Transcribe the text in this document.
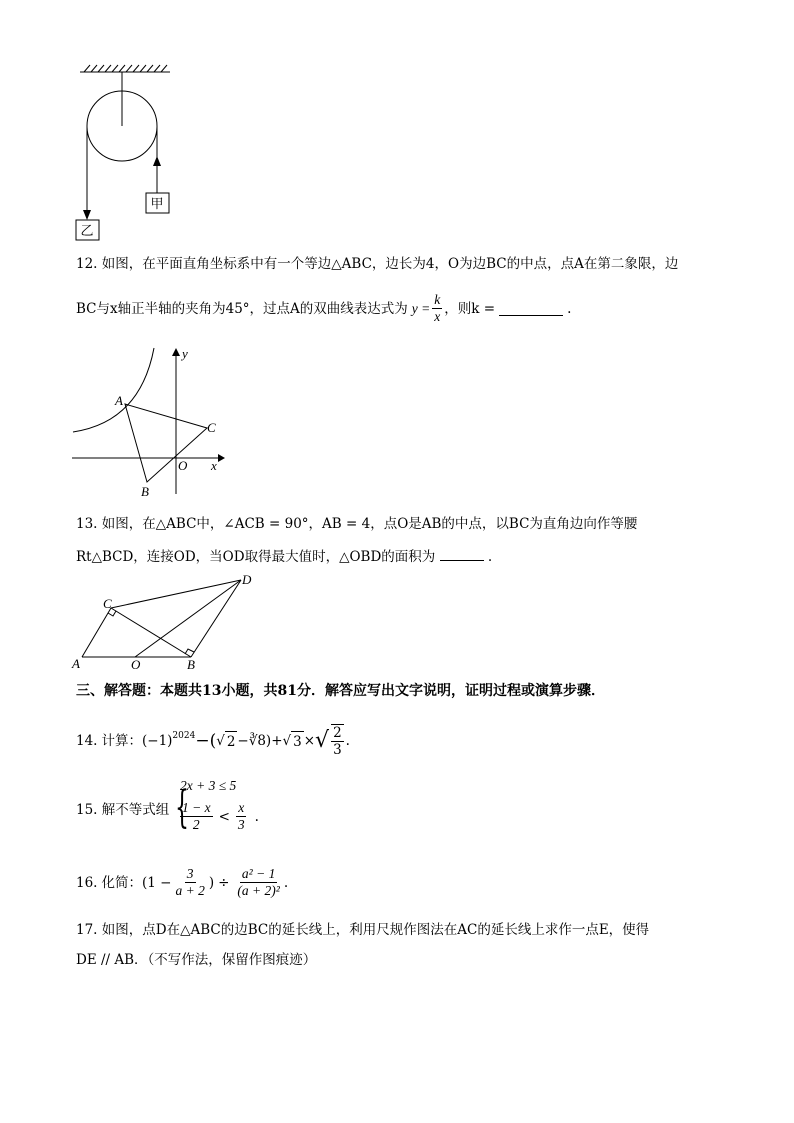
甲
乙
12. 如图，在平面直角坐标系中有一个等边△ABC，边长为4，O为边BC的中点，点A在第二象限，边
BC与x轴正半轴的夹角为45°，过点A的双曲线表达式为 $y = \frac{k}{x}$ ，则k =	.
y
A
C
O x
B
13. 如图，在△ABC中，∠ACB = 90°，AB = 4，点O是AB的中点，以BC为直角边向作等腰
Rt△BCD，连接OD，当OD取得最大值时，△OBD的面积为	.
C
D
A	O	B
三、解答题：本题共13小题，共81分．解答应写出文字说明，证明过程或演算步骤．
14. 计算： $(-1)^{2024}$ −( √ 2 −∛8)+ √ 3 × √ $\frac{2}{3}$ .
15. 解不等式组 {
2x + 3 ≤ 5
$\frac{1 - x}{2} < \frac{x}{3}$ .
16. 化简： ($1 - \frac{3}{a + 2}$ ) ÷ $\frac{\text{a² − 1}}{\text{(a + 2)²}}$ .
17. 如图，点D在△ABC的边BC的延长线上，利用尺规作图法在AC的延长线上求作一点E，使得
DE // AB．（不写作法，保留作图痕迹）
